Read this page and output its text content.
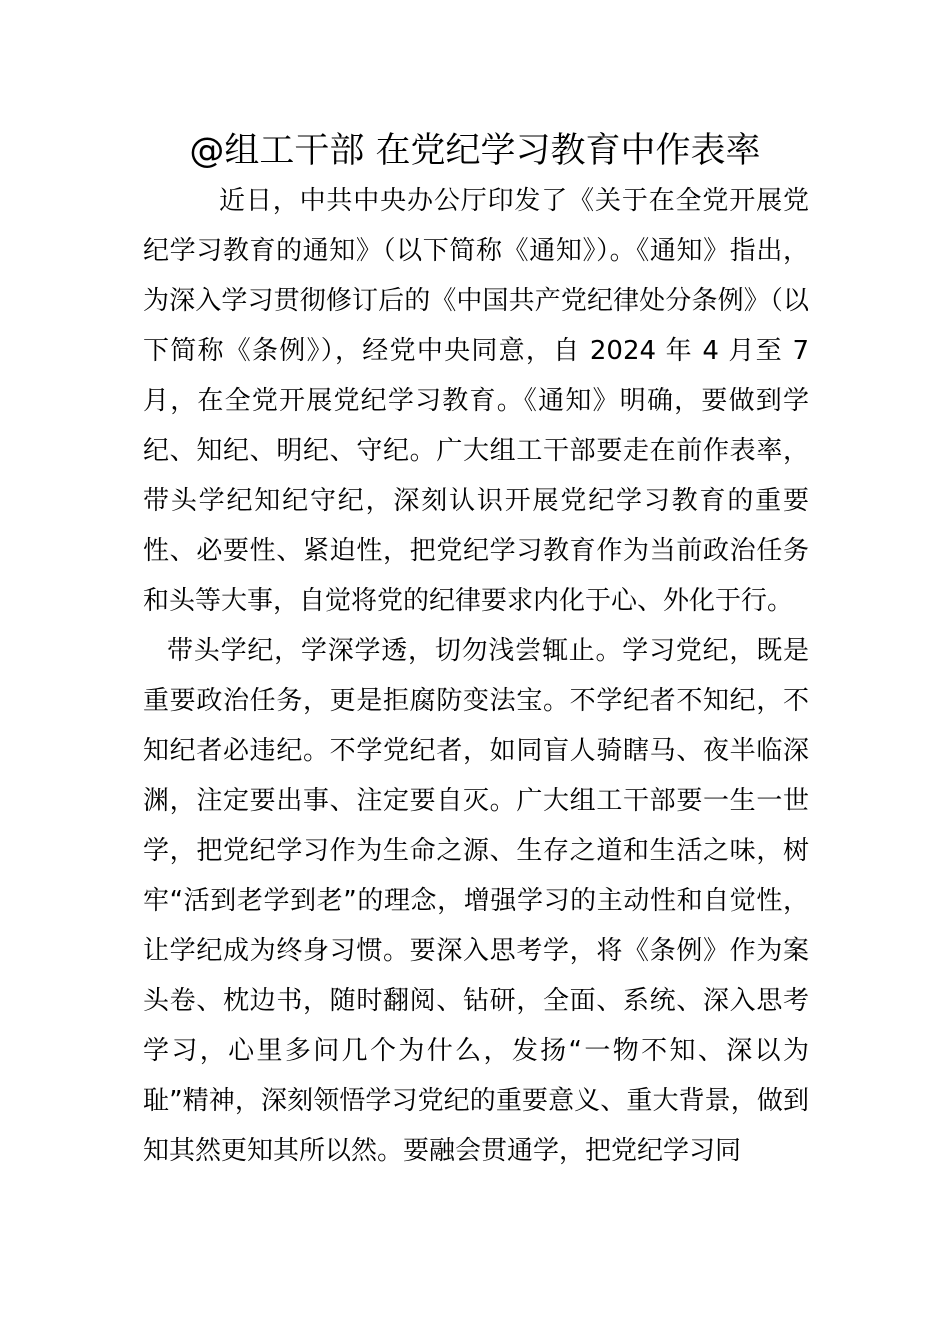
@组工干部 在党纪学习教育中作表率

近日，中共中央办公厅印发了《关于在全党开展党纪学习教育的通知》（以下简称《通知》）。《通知》指出，为深入学习贯彻修订后的《中国共产党纪律处分条例》（以下简称《条例》），经党中央同意，自 2024 年 4 月至 7 月，在全党开展党纪学习教育。《通知》明确，要做到学纪、知纪、明纪、守纪。广大组工干部要走在前作表率，带头学纪知纪守纪，深刻认识开展党纪学习教育的重要性、必要性、紧迫性，把党纪学习教育作为当前政治任务和头等大事，自觉将党的纪律要求内化于心、外化于行。

带头学纪，学深学透，切勿浅尝辄止。学习党纪，既是重要政治任务，更是拒腐防变法宝。不学纪者不知纪，不知纪者必违纪。不学党纪者，如同盲人骑瞎马、夜半临深渊，注定要出事、注定要自灭。广大组工干部要一生一世学，把党纪学习作为生命之源、生存之道和生活之味，树牢“活到老学到老”的理念，增强学习的主动性和自觉性，让学纪成为终身习惯。要深入思考学，将《条例》作为案头卷、枕边书，随时翻阅、钻研，全面、系统、深入思考学习，心里多问几个为什么，发扬“一物不知、深以为耻”精神，深刻领悟学习党纪的重要意义、重大背景，做到知其然更知其所以然。要融会贯通学，把党纪学习同
